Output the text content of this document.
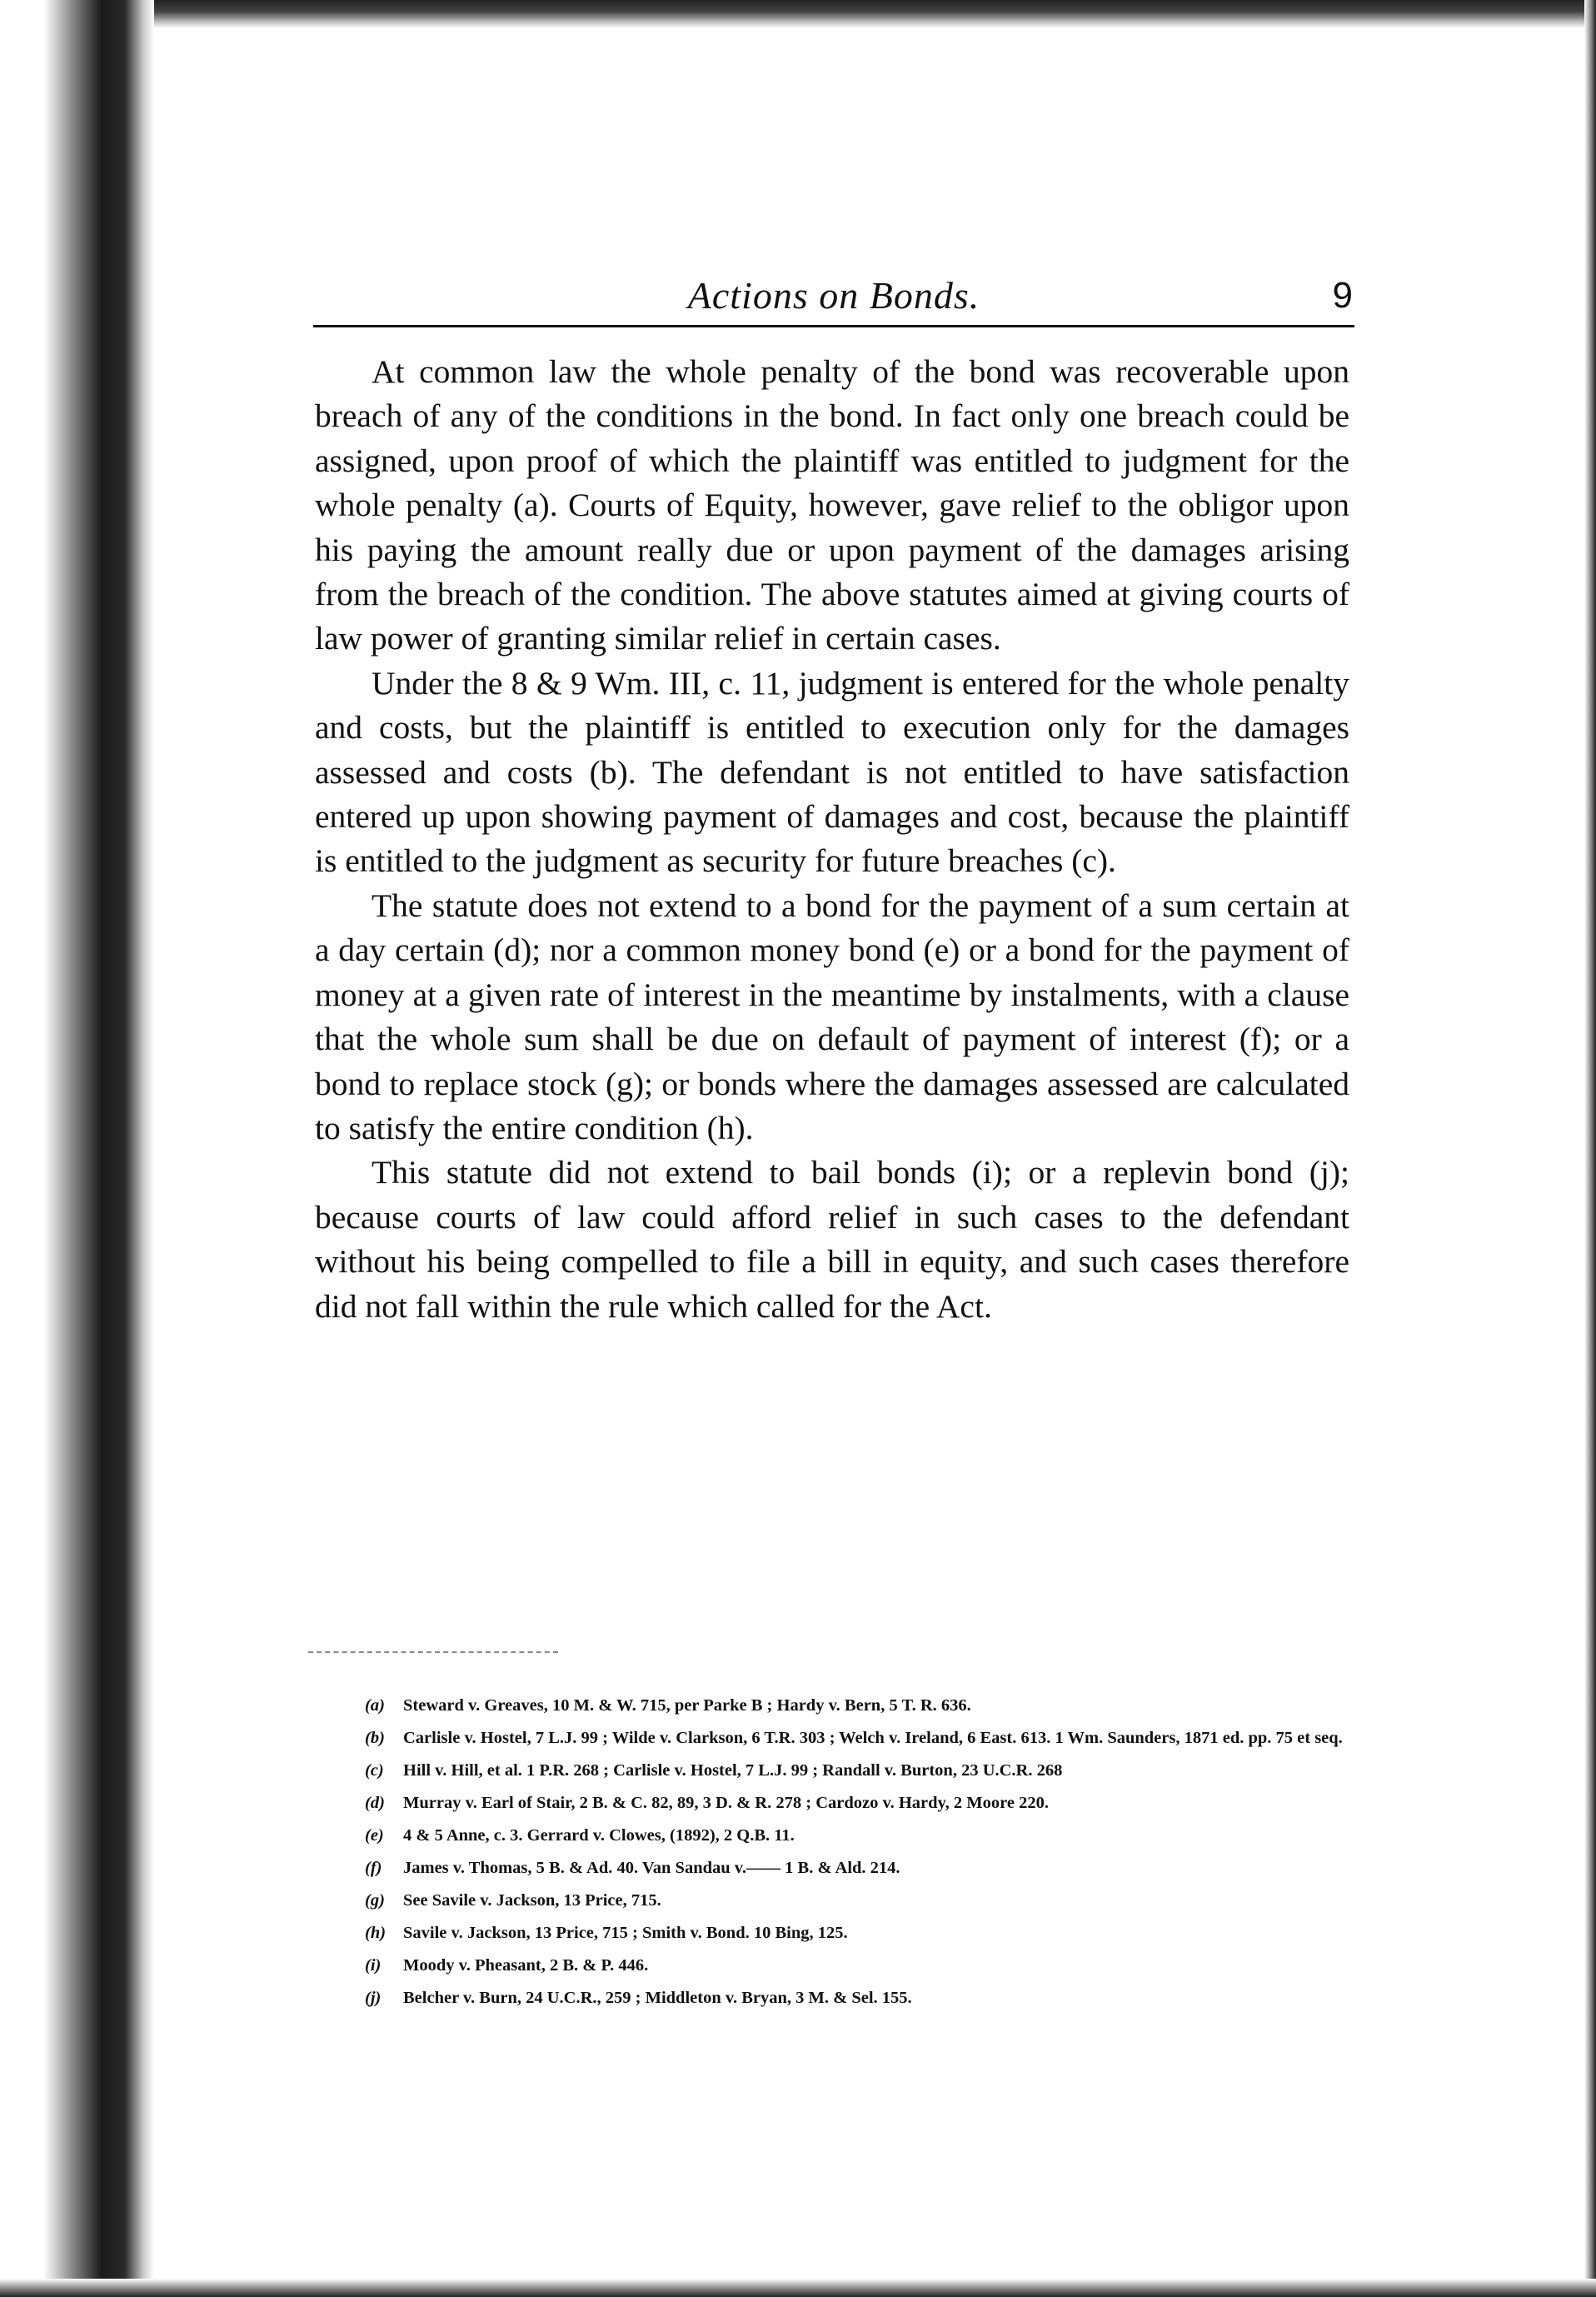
Actions on Bonds.	9

At common law the whole penalty of the bond was recoverable upon breach of any of the conditions in the bond. In fact only one breach could be assigned, upon proof of which the plaintiff was entitled to judgment for the whole penalty (a). Courts of Equity, however, gave relief to the obligor upon his paying the amount really due or upon payment of the damages arising from the breach of the condition. The above statutes aimed at giving courts of law power of granting similar relief in certain cases.

Under the 8 & 9 Wm. III, c. 11, judgment is entered for the whole penalty and costs, but the plaintiff is entitled to execution only for the damages assessed and costs (b). The defendant is not entitled to have satisfaction entered up upon showing payment of damages and cost, because the plaintiff is entitled to the judgment as security for future breaches (c).

The statute does not extend to a bond for the payment of a sum certain at a day certain (d); nor a common money bond (e) or a bond for the payment of money at a given rate of interest in the meantime by instalments, with a clause that the whole sum shall be due on default of payment of interest (f); or a bond to replace stock (g); or bonds where the damages assessed are calculated to satisfy the entire condition (h).

This statute did not extend to bail bonds (i); or a replevin bond (j); because courts of law could afford relief in such cases to the defendant without his being compelled to file a bill in equity, and such cases therefore did not fall within the rule which called for the Act.

(a)	Steward v. Greaves, 10 M. & W. 715, per Parke B ; Hardy v. Bern, 5 T. R. 636.
(b)	Carlisle v. Hostel, 7 L.J. 99 ; Wilde v. Clarkson, 6 T.R. 303 ; Welch v. Ireland, 6 East. 613. 1 Wm. Saunders, 1871 ed. pp. 75 et seq.
(c)	Hill v. Hill, et al. 1 P.R. 268 ; Carlisle v. Hostel, 7 L.J. 99 ; Randall v. Burton, 23 U.C.R. 268
(d)	Murray v. Earl of Stair, 2 B. & C. 82, 89, 3 D. & R. 278 ; Cardozo v. Hardy, 2 Moore 220.
(e)	4 & 5 Anne, c. 3. Gerrard v. Clowes, (1892), 2 Q.B. 11.
(f)	James v. Thomas, 5 B. & Ad. 40. Van Sandau v.—— 1 B. & Ald. 214.
(g)	See Savile v. Jackson, 13 Price, 715.
(h)	Savile v. Jackson, 13 Price, 715 ; Smith v. Bond. 10 Bing, 125.
(i)	Moody v. Pheasant, 2 B. & P. 446.
(j)	Belcher v. Burn, 24 U.C.R., 259 ; Middleton v. Bryan, 3 M. & Sel. 155.
